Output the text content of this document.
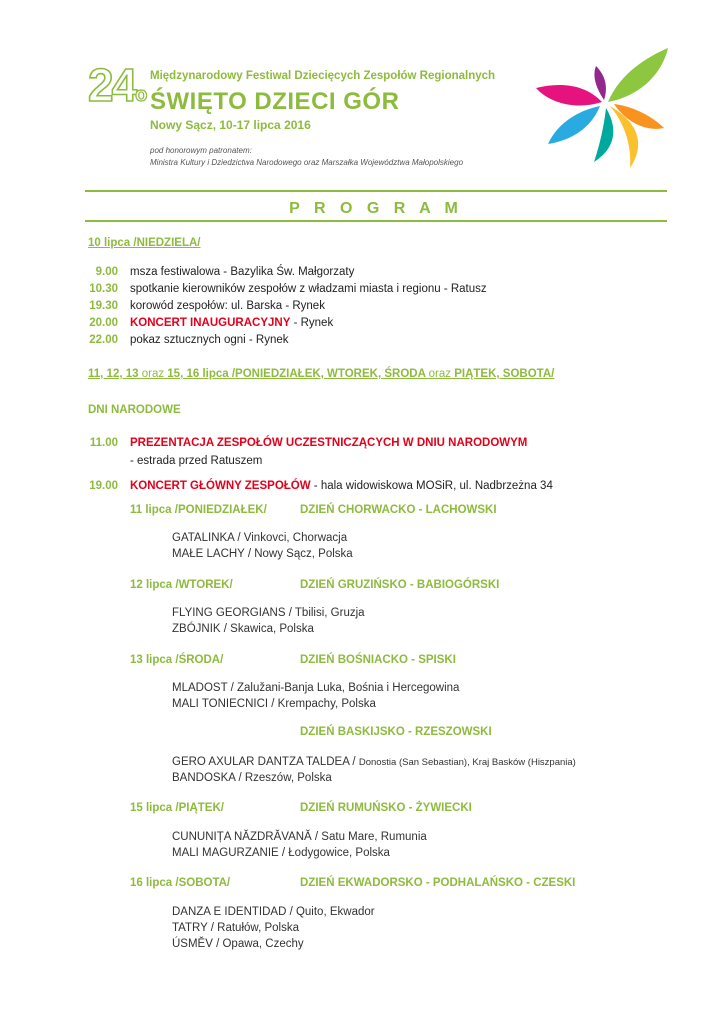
24o
Międzynarodowy Festiwal Dziecięcych Zespołów Regionalnych
ŚWIĘTO DZIECI GÓR
Nowy Sącz, 10-17 lipca 2016
pod honorowym patronatem:
Ministra Kultury i Dziedzictwa Narodowego oraz Marszałka Województwa Małopolskiego
P R O G R A M
10 lipca /NIEDZIELA/
9.00 msza festiwalowa - Bazylika Św. Małgorzaty
10.30 spotkanie kierowników zespołów z władzami miasta i regionu - Ratusz
19.30 korowód zespołów: ul. Barska - Rynek
20.00 KONCERT INAUGURACYJNY - Rynek
22.00 pokaz sztucznych ogni - Rynek
11, 12, 13 oraz 15, 16 lipca /PONIEDZIAŁEK, WTOREK, ŚRODA oraz PIĄTEK, SOBOTA/
DNI NARODOWE
11.00 PREZENTACJA ZESPOŁÓW UCZESTNICZĄCYCH W DNIU NARODOWYM
- estrada przed Ratuszem
19.00 KONCERT GŁÓWNY ZESPOŁÓW - hala widowiskowa MOSiR, ul. Nadbrzeżna 34
11 lipca /PONIEDZIAŁEK/	DZIEŃ CHORWACKO - LACHOWSKI
GATALINKA / Vinkovci, Chorwacja
MAŁE LACHY / Nowy Sącz, Polska
12 lipca /WTOREK/	DZIEŃ GRUZIŃSKO - BABIOGÓRSKI
FLYING GEORGIANS / Tbilisi, Gruzja
ZBÓJNIK / Skawica, Polska
13 lipca /ŚRODA/	DZIEŃ BOŚNIACKO - SPISKI
MLADOST / Zalužani-Banja Luka, Bośnia i Hercegowina
MALI TONIECNICI / Krempachy, Polska
DZIEŃ BASKIJSKO - RZESZOWSKI
GERO AXULAR DANTZA TALDEA / Donostia (San Sebastian), Kraj Basków (Hiszpania)
BANDOSKA / Rzeszów, Polska
15 lipca /PIĄTEK/	DZIEŃ RUMUŃSKO - ŻYWIECKI
CUNUNIȚA NĂZDRĂVANĂ / Satu Mare, Rumunia
MALI MAGURZANIE / Łodygowice, Polska
16 lipca /SOBOTA/	DZIEŃ EKWADORSKO - PODHALAŃSKO - CZESKI
DANZA E IDENTIDAD / Quito, Ekwador
TATRY / Ratułów, Polska
ÚSMĚV / Opawa, Czechy
